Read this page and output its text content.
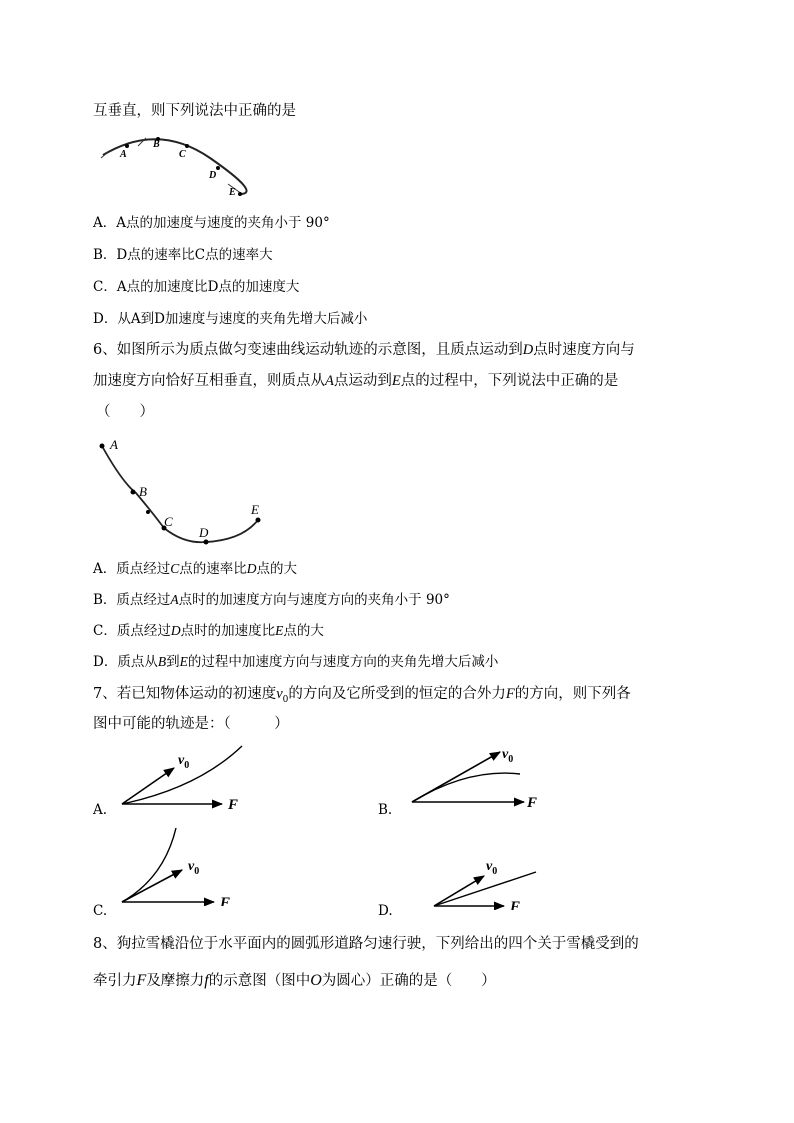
互垂直，则下列说法中正确的是
A
B
C
D
E
A．A点的加速度与速度的夹角小于 90°
B．D点的速率比C点的速率大
C．A点的加速度比D点的加速度大
D．从A到D加速度与速度的夹角先增大后减小
6、如图所示为质点做匀变速曲线运动轨迹的示意图，且质点运动到D点时速度方向与
加速度方向恰好互相垂直，则质点从A点运动到E点的过程中，下列说法中正确的是
（　　）
A
B
C
D
E
A．质点经过C点的速率比D点的大
B．质点经过A点时的加速度方向与速度方向的夹角小于 90°
C．质点经过D点时的加速度比E点的大
D．质点从B到E的过程中加速度方向与速度方向的夹角先增大后减小
7、若已知物体运动的初速度$v_0$的方向及它所受到的恒定的合外力F的方向，则下列各
图中可能的轨迹是：（　　　）
$v_0$
F
A.
$v_0$
F
B.
$v_0$
F
C.
$v_0$
F
D.
8、狗拉雪橇沿位于水平面内的圆弧形道路匀速行驶，下列给出的四个关于雪橇受到的
牵引力F及摩擦力f的示意图（图中O为圆心）正确的是（　　）
